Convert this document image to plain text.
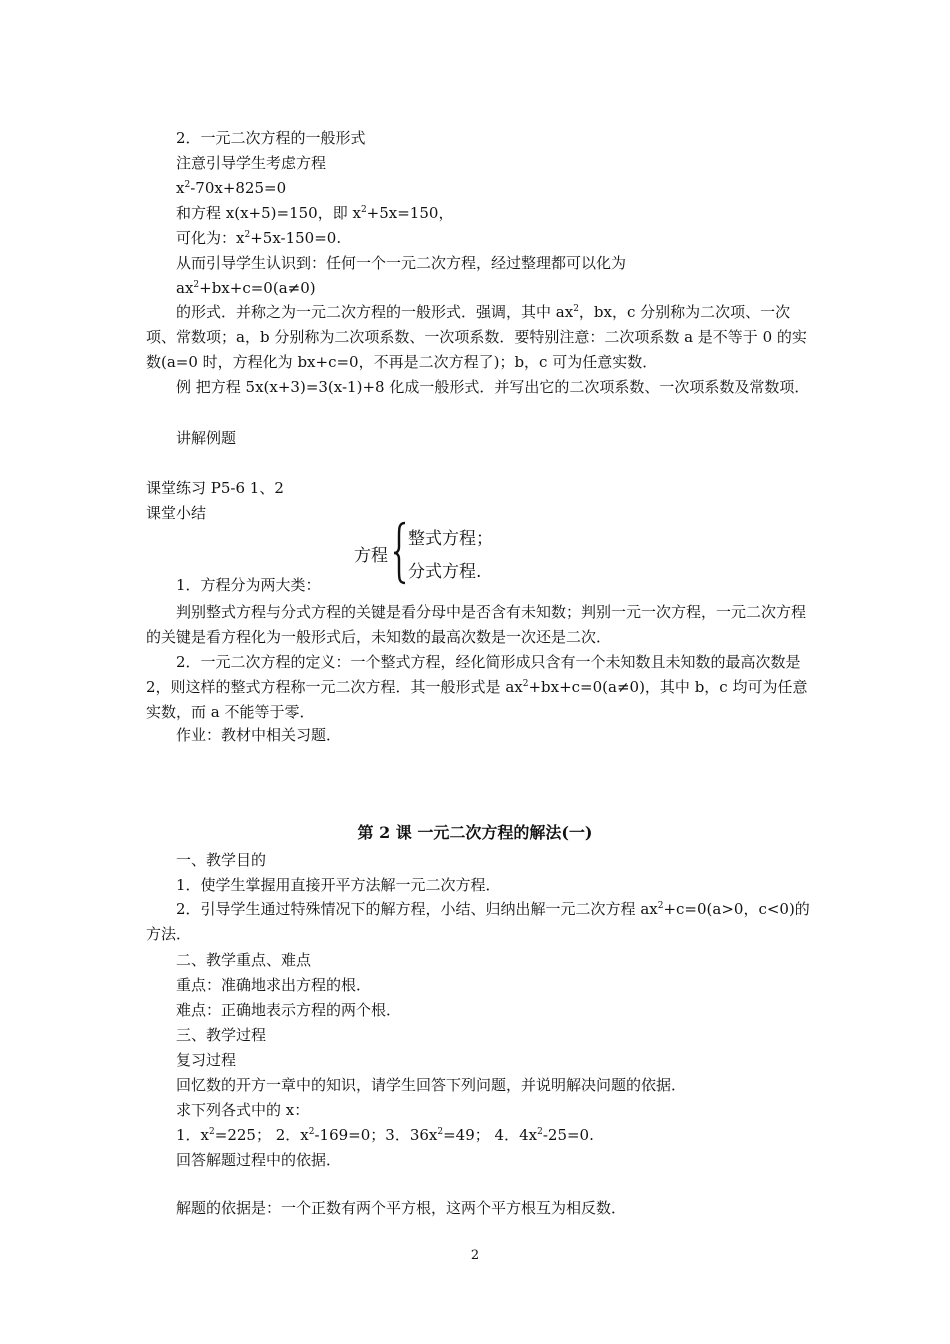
2．一元二次方程的一般形式
注意引导学生考虑方程
$x^2-70x+825=0$
和方程 x(x+5)=150，即 $x^2+5x=150$，
可化为：$x^2+5x-150=0$.
从而引导学生认识到：任何一个一元二次方程，经过整理都可以化为
$ax^2+bx+c=0(a\ne 0)$
的形式．并称之为一元二次方程的一般形式．强调，其中 $ax^2$，bx，c 分别称为二次项、一次项、常数项；a，b 分别称为二次项系数、一次项系数．要特别注意：二次项系数 a 是不等于 0 的实数(a=0 时，方程化为 bx+c=0，不再是二次方程了)；b，c 可为任意实数．
例 把方程 5x(x+3)=3(x-1)+8 化成一般形式．并写出它的二次项系数、一次项系数及常数项．
讲解例题
课堂练习 P5-6 1、2
课堂小结
方程
整式方程；
分式方程.
1．方程分为两大类：
判别整式方程与分式方程的关键是看分母中是否含有未知数；判别一元一次方程，一元二次方程的关键是看方程化为一般形式后，未知数的最高次数是一次还是二次．
2．一元二次方程的定义：一个整式方程，经化简形成只含有一个未知数且未知数的最高次数是 2，则这样的整式方程称一元二次方程．其一般形式是 $ax^2+bx+c=0(a\ne 0)$，其中 b，c 均可为任意实数，而 a 不能等于零．
作业：教材中相关习题．
第 2 课 一元二次方程的解法(一)
一、教学目的
1．使学生掌握用直接开平方法解一元二次方程．
2．引导学生通过特殊情况下的解方程，小结、归纳出解一元二次方程 $ax^2+c=0(a>0$，c<0)的方法．
二、教学重点、难点
重点：准确地求出方程的根．
难点：正确地表示方程的两个根．
三、教学过程
复习过程
回忆数的开方一章中的知识，请学生回答下列问题，并说明解决问题的依据．
求下列各式中的 x：
1．$x^2=225$； 2．$x^2-169=0$；3．$36x^2=49$； 4．$4x^2-25=0$.
回答解题过程中的依据．
解题的依据是：一个正数有两个平方根，这两个平方根互为相反数．
2
